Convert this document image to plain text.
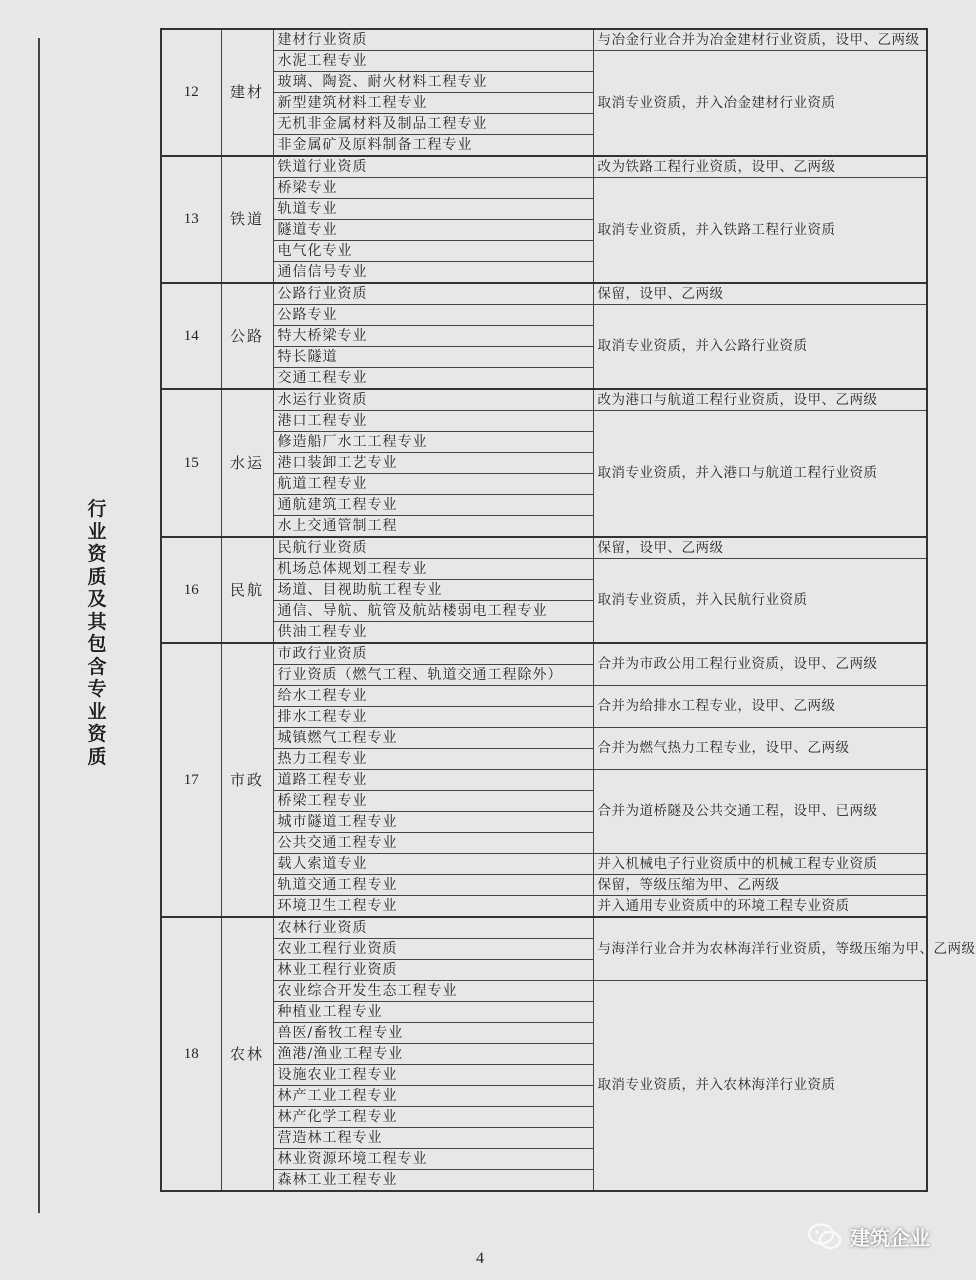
行
业
资
质
及
其
包
含
专
业
资
质
12	建材	建材行业资质	与冶金行业合并为冶金建材行业资质，设甲、乙两级
		水泥工程专业	取消专业资质，并入冶金建材行业资质
		玻璃、陶瓷、耐火材料工程专业	
		新型建筑材料工程专业	
		无机非金属材料及制品工程专业	
		非金属矿及原料制备工程专业	
13	铁道	铁道行业资质	改为铁路工程行业资质，设甲、乙两级
		桥梁专业	取消专业资质，并入铁路工程行业资质
		轨道专业	
		隧道专业	
		电气化专业	
		通信信号专业	
14	公路	公路行业资质	保留，设甲、乙两级
		公路专业	取消专业资质，并入公路行业资质
		特大桥梁专业	
		特长隧道	
		交通工程专业	
15	水运	水运行业资质	改为港口与航道工程行业资质，设甲、乙两级
		港口工程专业	取消专业资质，并入港口与航道工程行业资质
		修造船厂水工工程专业	
		港口装卸工艺专业	
		航道工程专业	
		通航建筑工程专业	
		水上交通管制工程	
16	民航	民航行业资质	保留，设甲、乙两级
		机场总体规划工程专业	取消专业资质，并入民航行业资质
		场道、目视助航工程专业	
		通信、导航、航管及航站楼弱电工程专业	
		供油工程专业	
17	市政	市政行业资质	合并为市政公用工程行业资质，设甲、乙两级
		行业资质（燃气工程、轨道交通工程除外）	
		给水工程专业	合并为给排水工程专业，设甲、乙两级
		排水工程专业	
		城镇燃气工程专业	合并为燃气热力工程专业，设甲、乙两级
		热力工程专业	
		道路工程专业	合并为道桥隧及公共交通工程，设甲、已两级
		桥梁工程专业	
		城市隧道工程专业	
		公共交通工程专业	
		载人索道专业	并入机械电子行业资质中的机械工程专业资质
		轨道交通工程专业	保留，等级压缩为甲、乙两级
		环境卫生工程专业	并入通用专业资质中的环境工程专业资质
18	农林	农林行业资质	与海洋行业合并为农林海洋行业资质，等级压缩为甲、乙两级
		农业工程行业资质	
		林业工程行业资质	
		农业综合开发生态工程专业	取消专业资质，并入农林海洋行业资质
		种植业工程专业	
		兽医/畜牧工程专业	
		渔港/渔业工程专业	
		设施农业工程专业	
		林产工业工程专业	
		林产化学工程专业	
		营造林工程专业	
		林业资源环境工程专业	
		森林工业工程专业	
4
建筑企业
